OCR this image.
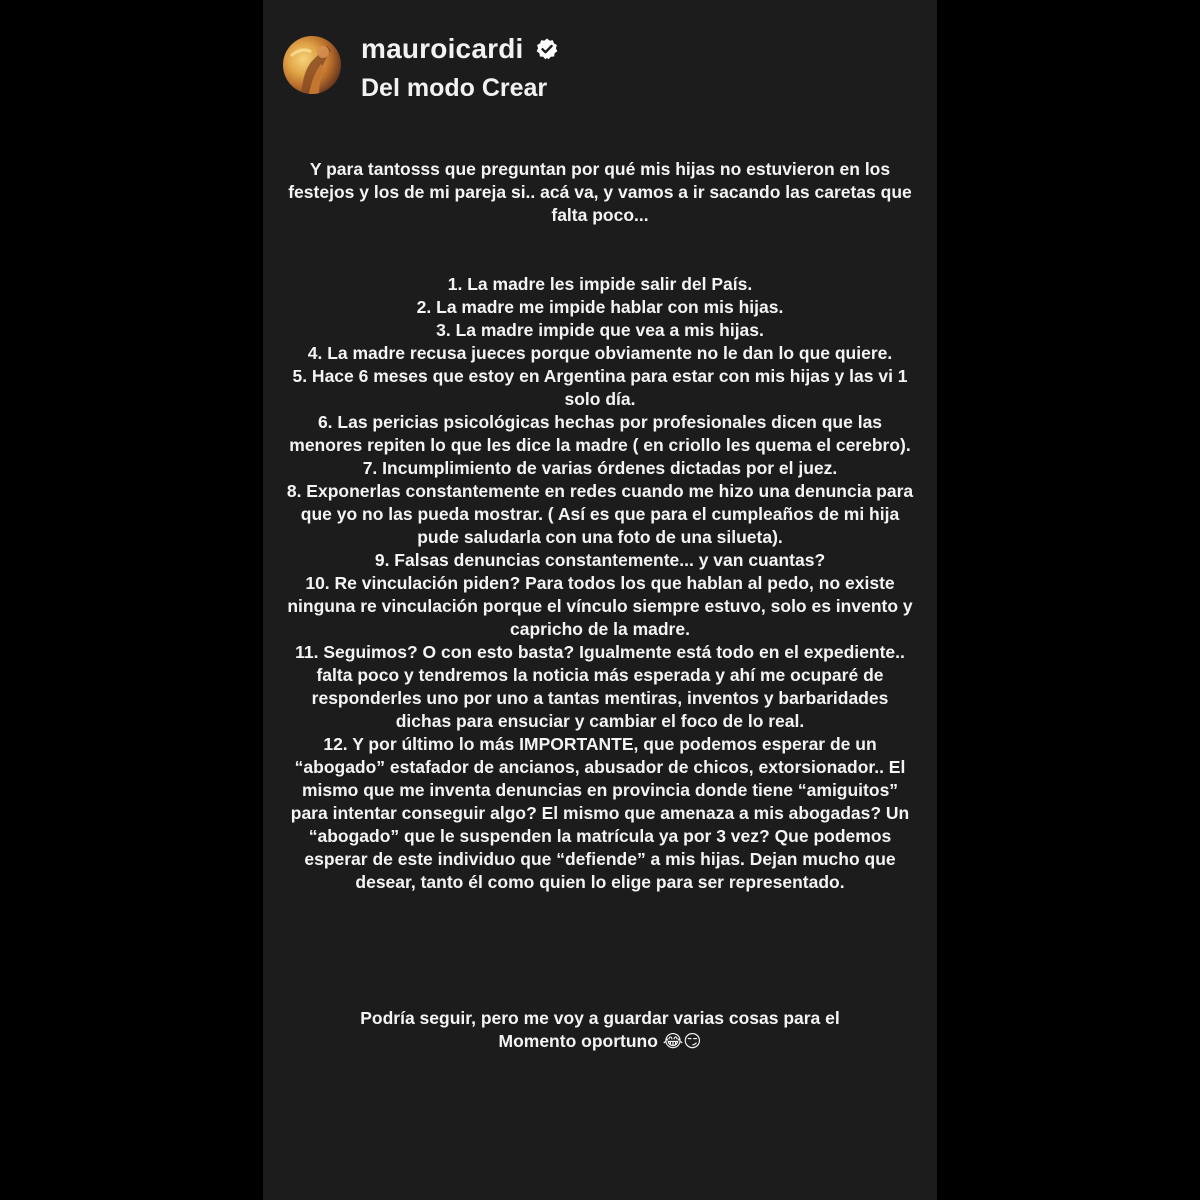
mauroicardi
Del modo Crear
Y para tantosss que preguntan por qué mis hijas no estuvieron en los festejos y los de mi pareja si.. acá va, y vamos a ir sacando las caretas que falta poco...
1. La madre les impide salir del País.
2. La madre me impide hablar con mis hijas.
3. La madre impide que vea a mis hijas.
4. La madre recusa jueces porque obviamente no le dan lo que quiere.
5. Hace 6 meses que estoy en Argentina para estar con mis hijas y las vi 1 solo día.
6. Las pericias psicológicas hechas por profesionales dicen que las menores repiten lo que les dice la madre ( en criollo les quema el cerebro).
7. Incumplimiento de varias órdenes dictadas por el juez.
8. Exponerlas constantemente en redes cuando me hizo una denuncia para que yo no las pueda mostrar. ( Así es que para el cumpleaños de mi hija pude saludarla con una foto de una silueta).
9. Falsas denuncias constantemente... y van cuantas?
10. Re vinculación piden? Para todos los que hablan al pedo, no existe ninguna re vinculación porque el vínculo siempre estuvo, solo es invento y capricho de la madre.
11. Seguimos? O con esto basta? Igualmente está todo en el expediente.. falta poco y tendremos la noticia más esperada y ahí me ocuparé de responderles uno por uno a tantas mentiras, inventos y barbaridades dichas para ensuciar y cambiar el foco de lo real.
12. Y por último lo más IMPORTANTE, que podemos esperar de un “abogado” estafador de ancianos, abusador de chicos, extorsionador.. El mismo que me inventa denuncias en provincia donde tiene “amiguitos” para intentar conseguir algo? El mismo que amenaza a mis abogadas? Un “abogado” que le suspenden la matrícula ya por 3 vez? Que podemos esperar de este individuo que “defiende” a mis hijas. Dejan mucho que desear, tanto él como quien lo elige para ser representado.
Podría seguir, pero me voy a guardar varias cosas para el
Momento oportuno 😂😏
